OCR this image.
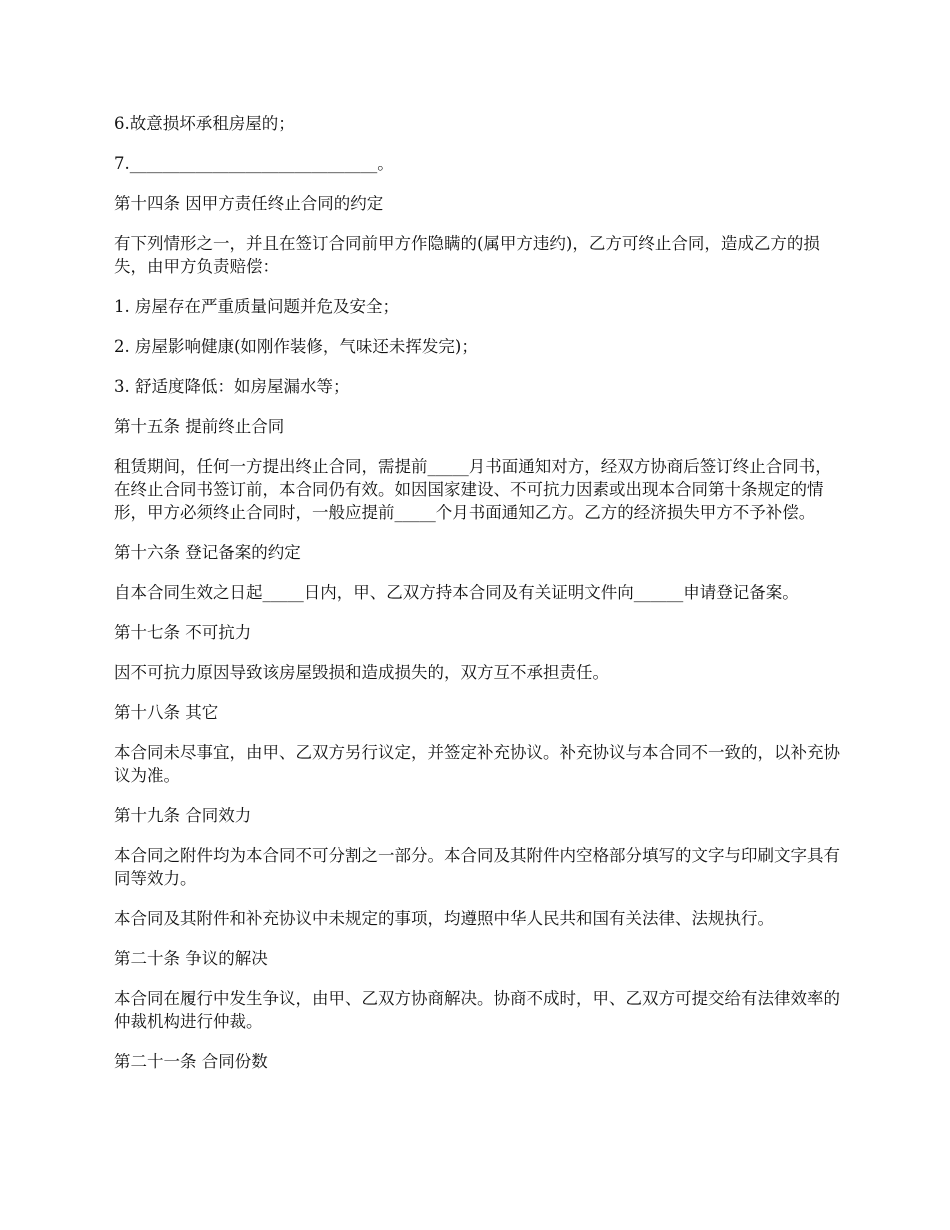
6.故意损坏承租房屋的；

7.______________________________。

第十四条 因甲方责任终止合同的约定

有下列情形之一，并且在签订合同前甲方作隐瞒的(属甲方违约)，乙方可终止合同，造成乙方的损失，由甲方负责赔偿：

1. 房屋存在严重质量问题并危及安全；

2. 房屋影响健康(如刚作装修，气味还未挥发完)；

3. 舒适度降低：如房屋漏水等；

第十五条 提前终止合同

租赁期间，任何一方提出终止合同，需提前_____月书面通知对方，经双方协商后签订终止合同书，在终止合同书签订前，本合同仍有效。如因国家建设、不可抗力因素或出现本合同第十条规定的情形，甲方必须终止合同时，一般应提前_____个月书面通知乙方。乙方的经济损失甲方不予补偿。

第十六条 登记备案的约定

自本合同生效之日起_____日内，甲、乙双方持本合同及有关证明文件向______申请登记备案。

第十七条 不可抗力

因不可抗力原因导致该房屋毁损和造成损失的，双方互不承担责任。

第十八条 其它

本合同未尽事宜，由甲、乙双方另行议定，并签定补充协议。补充协议与本合同不一致的，以补充协议为准。

第十九条 合同效力

本合同之附件均为本合同不可分割之一部分。本合同及其附件内空格部分填写的文字与印刷文字具有同等效力。

本合同及其附件和补充协议中未规定的事项，均遵照中华人民共和国有关法律、法规执行。

第二十条 争议的解决

本合同在履行中发生争议，由甲、乙双方协商解决。协商不成时，甲、乙双方可提交给有法律效率的仲裁机构进行仲裁。

第二十一条 合同份数
